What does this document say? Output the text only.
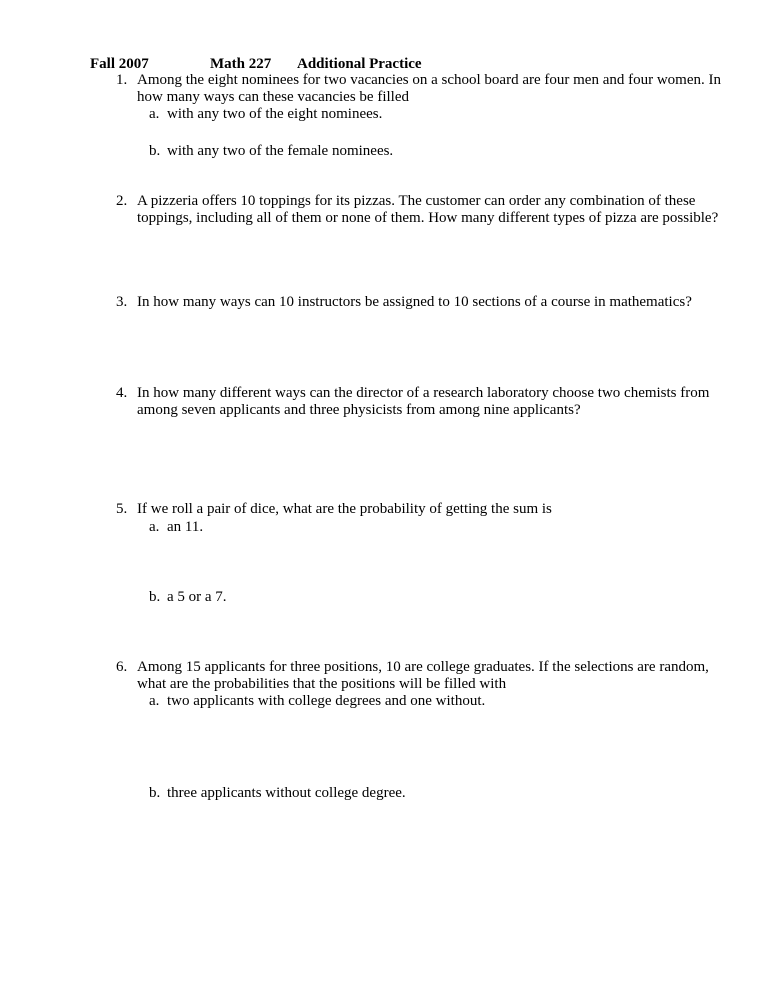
Fall 2007	Math 227 Additional Practice
1. Among the eight nominees for two vacancies on a school board are four men and four women. In how many ways can these vacancies be filled
a. with any two of the eight nominees.
b. with any two of the female nominees.
2. A pizzeria offers 10 toppings for its pizzas. The customer can order any combination of these toppings, including all of them or none of them. How many different types of pizza are possible?
3. In how many ways can 10 instructors be assigned to 10 sections of a course in mathematics?
4. In how many different ways can the director of a research laboratory choose two chemists from among seven applicants and three physicists from among nine applicants?
5. If we roll a pair of dice, what are the probability of getting the sum is
a. an 11.
b. a 5 or a 7.
6. Among 15 applicants for three positions, 10 are college graduates. If the selections are random, what are the probabilities that the positions will be filled with
a. two applicants with college degrees and one without.
b. three applicants without college degree.
